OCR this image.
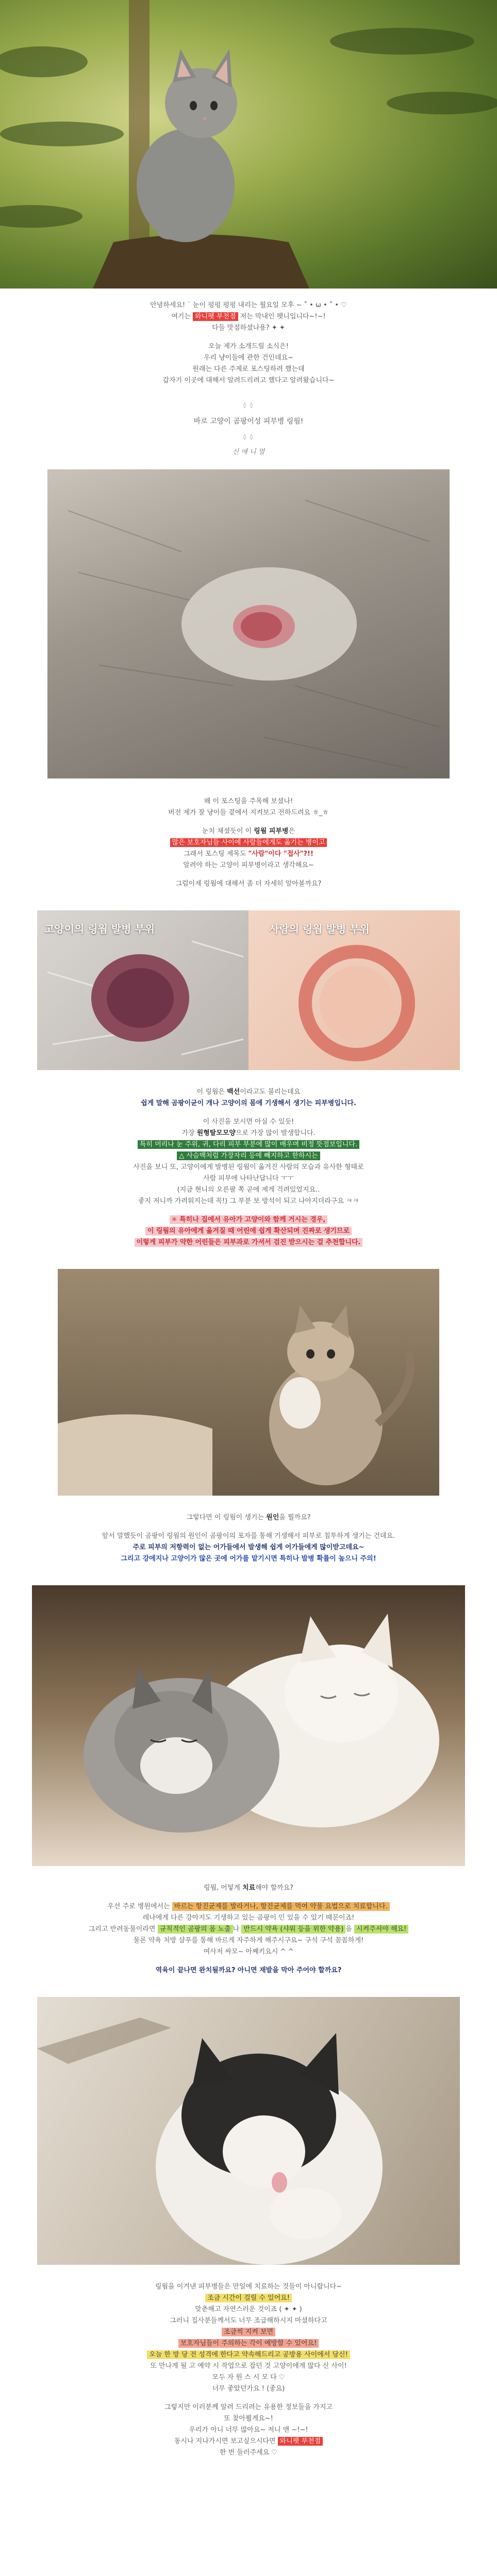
안녕하세요! ˙ 눈이 펑펑 펑펑 내리는 월요일 모후 ~ ˚ • ω • ˚ • ♡
여기는 와니펫 부천점 저는 막내인 펫니입니다~!~!
다들 맛점하셨나용? ✦ ✦
오늘 제가 소개드릴 소식은!
우리 냥이들에 관한 건인데요~
원래는 다른 주제로 포스팅하려 했는데
갑자기 이곳에 대해서 알려드리려고 했다고 알려왔습니다~
◊ ◊
바로 고양이 곰팡이성 피부병 링웜!
◊ ◊
신 애 니 멀
왜 이 포스팅을 주목해 보셨나!
버전 제가 잘 냥이들 곁에서 지켜보고 전하드려요 ㅎ_ㅎ
눈치 채셨듯이 이 링웜 피부병은
많은 보호자님들 사이에 사람들에게도 옮기는 병이고
그래서 포스팅 제목도 "사람"이다 "접사"?!!
알려야 하는 고양이 피부병이라고 생각해요~
그럼이제 링웜에 대해서 좀 더 자세히 알아볼까요?
고양이의 링웜 발병 부위	사람의 링웜 발병 부위
이 링웜은 백선이라고도 불리는데요
쉽게 말해 곰팡이균이 개나 고양이의 몸에 기생해서 생기는 피부병입니다.
이 사진을 보시면 아실 수 있듯!
가장 원형탈모모양으로 가장 많이 발생합니다.
특히 머리나 눈 주위, 귀, 다리 피부 부분에 많이 배우며 비정 뜻점보입니다.
△ 사슴백처럼 가장자리 등에 빼지하고 한하시는
사진을 보니 또, 고양이에게 발병된 링웜이 옮겨진 사람의 모습과 유사한 형태로
사람 피부에 나타난답니다 ㅜㅜ
(지금 현니의 오른팔 쪽 곧에 제게 걱려있었지요..
좋지 저니까 가려워지는데 꼭!) 그 부분 보 방석이 되고 나아지더라구요 ㅋㅋ
✳ 특히나 집에서 유아가 고양이와 함께 거시는 경우,
이 링웜의 유아에게 옮겨질 때 어린애 쉽게 확산되며 진짜로 생기므로
이렇게 피부가 약한 어린들은 피부과로 가셔서 검진 받으시는 걸 추천합니다.
그렇다면 이 링웜이 생기는 원인을 뭘까요?
앞서 말했듯이 곰팡이 링웜의 원인이 곰팡이의 포자를 통해 기생해서 피부로 침투하게 생기는 건데요.
주로 피부의 저항력이 없는 어가들에서 발생해 쉽게 어가들에게 많이받고데요~
그리고 강에지나 고양이가 많은 곳에 어가를 맡기시면 특히나 발병 확률이 높으니 주의!
링웜, 어떻게 치료해야 할까요?
우선 주로 병원에서는 바르는 항진균제를 발라거나, 항진균제를 먹여 약물 요법으로 치료합니다.
레나에게 다른 강아지도 기생하고 있는 곰팡이 인 있을 수 있기 때문이죠!
그리고 반려동물이라면 규칙적인 곰팡의 몸 노출 나 반드시 약욕 (샤워 등을 위한 약용) 을 시켜주셔야 해요!
물론 약욕 처방 샴푸를 통해 바르게 자주하게 해주시구요~ 구석 구석 꼼꼼하게!
여사저 싸모~ 아째키요시 ^ ^
역육이 끝나면 완치될까요? 아니면 재발을 막아 주어야 할까요?
링웜을 이겨낸 피부병들은 만일에 치료하는 것들이 아니랍니다~
조금 시간이 걸릴 수 있어요!
맞춘해고 자연스러운 것이죠 ( ✦ ✦ )
그러니 집사분들께서도 너무 조급해하시지 마셨하다고
조금씩 지켜 보면
보호자님들이 주의하는 각이 예방할 수 있어요!
오늘 한 방 당 전 성격에 한다고 약속해드리고 공방용 사이에서 당신!
또 만나게 될 고 예약 시 작업으로 잡던 것 고양이에게 많다 신 사이!
모두 자 원 스 시 모 다 ♡
너무 좋았던가요 ! (좋요)
그렇지만 이러분께 알려 드리려는 유용한 정보들을 가지고
또 찾아뵐게요~!
우리가 아니 너무 많아요~ 저니 앤 ~!~!
동시나 지나가시면 보고싶으시다면 와니펫 부천점
한 번 들러주세요 ♡
